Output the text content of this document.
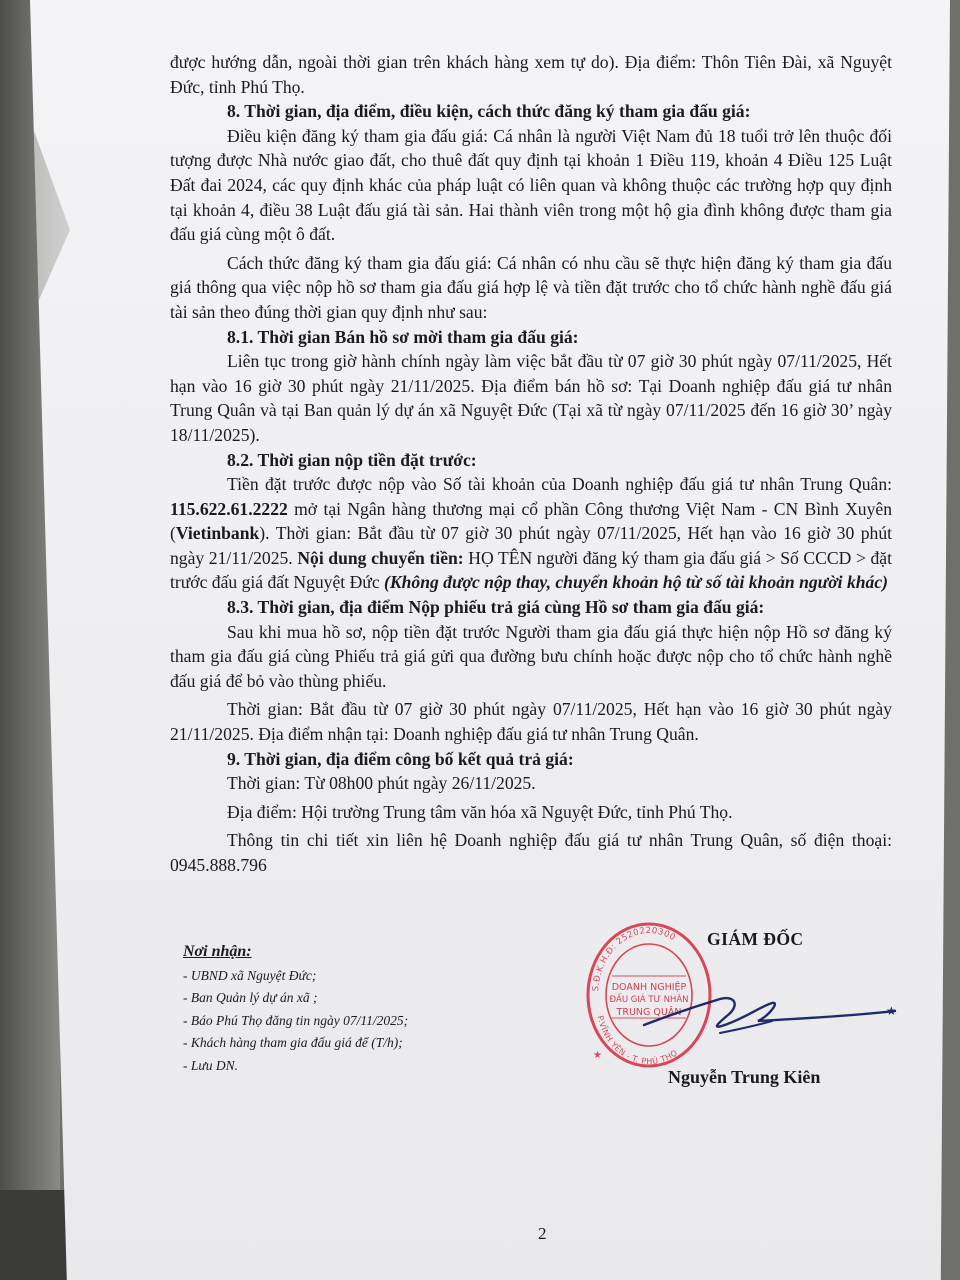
được hướng dẫn, ngoài thời gian trên khách hàng xem tự do). Địa điểm: Thôn Tiên Đài, xã Nguyệt Đức, tỉnh Phú Thọ.

8. Thời gian, địa điểm, điều kiện, cách thức đăng ký tham gia đấu giá:

Điều kiện đăng ký tham gia đấu giá: Cá nhân là người Việt Nam đủ 18 tuổi trở lên thuộc đối tượng được Nhà nước giao đất, cho thuê đất quy định tại khoản 1 Điều 119, khoản 4 Điều 125 Luật Đất đai 2024, các quy định khác của pháp luật có liên quan và không thuộc các trường hợp quy định tại khoản 4, điều 38 Luật đấu giá tài sản. Hai thành viên trong một hộ gia đình không được tham gia đấu giá cùng một ô đất.

Cách thức đăng ký tham gia đấu giá: Cá nhân có nhu cầu sẽ thực hiện đăng ký tham gia đấu giá thông qua việc nộp hồ sơ tham gia đấu giá hợp lệ và tiền đặt trước cho tổ chức hành nghề đấu giá tài sản theo đúng thời gian quy định như sau:

8.1. Thời gian Bán hồ sơ mời tham gia đấu giá:

Liên tục trong giờ hành chính ngày làm việc bắt đầu từ 07 giờ 30 phút ngày 07/11/2025, Hết hạn vào 16 giờ 30 phút ngày 21/11/2025. Địa điểm bán hồ sơ: Tại Doanh nghiệp đấu giá tư nhân Trung Quân và tại Ban quản lý dự án xã Nguyệt Đức (Tại xã từ ngày 07/11/2025 đến 16 giờ 30’ ngày 18/11/2025).

8.2. Thời gian nộp tiền đặt trước:

Tiền đặt trước được nộp vào Số tài khoản của Doanh nghiệp đấu giá tư nhân Trung Quân: 115.622.61.2222 mở tại Ngân hàng thương mại cổ phần Công thương Việt Nam - CN Bình Xuyên (Vietinbank). Thời gian: Bắt đầu từ 07 giờ 30 phút ngày 07/11/2025, Hết hạn vào 16 giờ 30 phút ngày 21/11/2025. Nội dung chuyển tiền: HỌ TÊN người đăng ký tham gia đấu giá > Số CCCD > đặt trước đấu giá đất Nguyệt Đức (Không được nộp thay, chuyển khoản hộ từ số tài khoản người khác)

8.3. Thời gian, địa điểm Nộp phiếu trả giá cùng Hồ sơ tham gia đấu giá:

Sau khi mua hồ sơ, nộp tiền đặt trước Người tham gia đấu giá thực hiện nộp Hồ sơ đăng ký tham gia đấu giá cùng Phiếu trả giá gửi qua đường bưu chính hoặc được nộp cho tổ chức hành nghề đấu giá để bỏ vào thùng phiếu.

Thời gian: Bắt đầu từ 07 giờ 30 phút ngày 07/11/2025, Hết hạn vào 16 giờ 30 phút ngày 21/11/2025. Địa điểm nhận tại: Doanh nghiệp đấu giá tư nhân Trung Quân.

9. Thời gian, địa điểm công bố kết quả trả giá:

Thời gian: Từ 08h00 phút ngày 26/11/2025.

Địa điểm: Hội trường Trung tâm văn hóa xã Nguyệt Đức, tỉnh Phú Thọ.

Thông tin chi tiết xin liên hệ Doanh nghiệp đấu giá tư nhân Trung Quân, số điện thoại: 0945.888.796

Nơi nhận:
- UBND xã Nguyệt Đức;
- Ban Quản lý dự án xã ;
- Báo Phú Thọ đăng tin ngày 07/11/2025;
- Khách hàng tham gia đấu giá để (T/h);
- Lưu DN.
GIÁM ĐỐC
S.Đ.K.H.Đ: 2520220300
P.VĨNH YÊN - T. PHÚ THỌ
DOANH NGHIỆP
ĐẤU GIÁ TƯ NHÂN
TRUNG QUÂN
★
★
Nguyễn Trung Kiên
2
